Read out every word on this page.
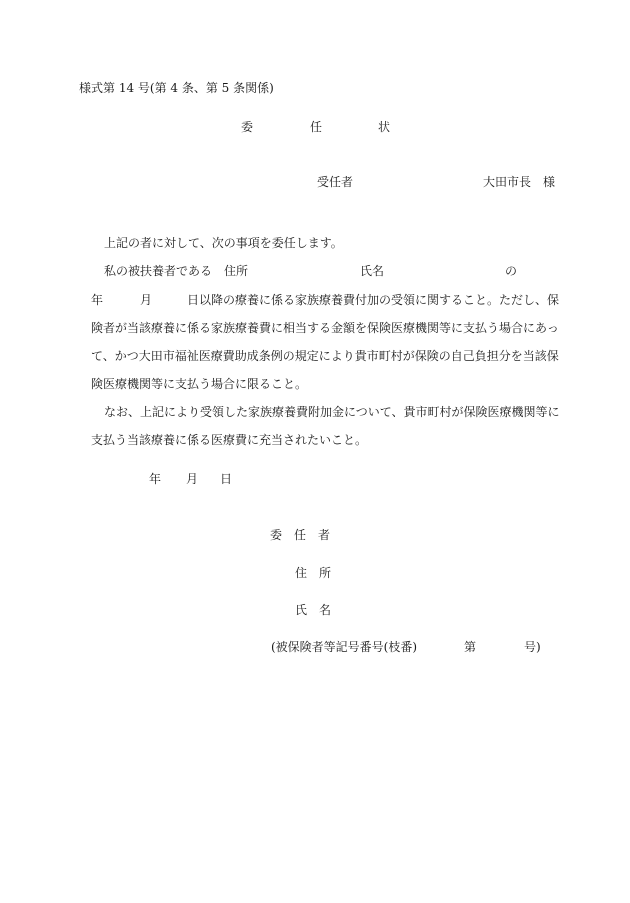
様式第 14 号(第 4 条、第 5 条関係)
委	任	状
受任者	大田市長　様
上記の者に対して、次の事項を委任します。
私の被扶養者である　住所	氏名	の
年	月	日以降の療養に係る家族療養費付加の受領に関すること。ただし、保
険者が当該療養に係る家族療養費に相当する金額を保険医療機関等に支払う場合にあっ
て、かつ大田市福祉医療費助成条例の規定により貴市町村が保険の自己負担分を当該保
険医療機関等に支払う場合に限ること。
なお、上記により受領した家族療養費附加金について、貴市町村が保険医療機関等に
支払う当該療養に係る医療費に充当されたいこと。
年 月 日
委　任　者
住　所
氏　名
(被保険者等記号番号(枝番)	第	号)
